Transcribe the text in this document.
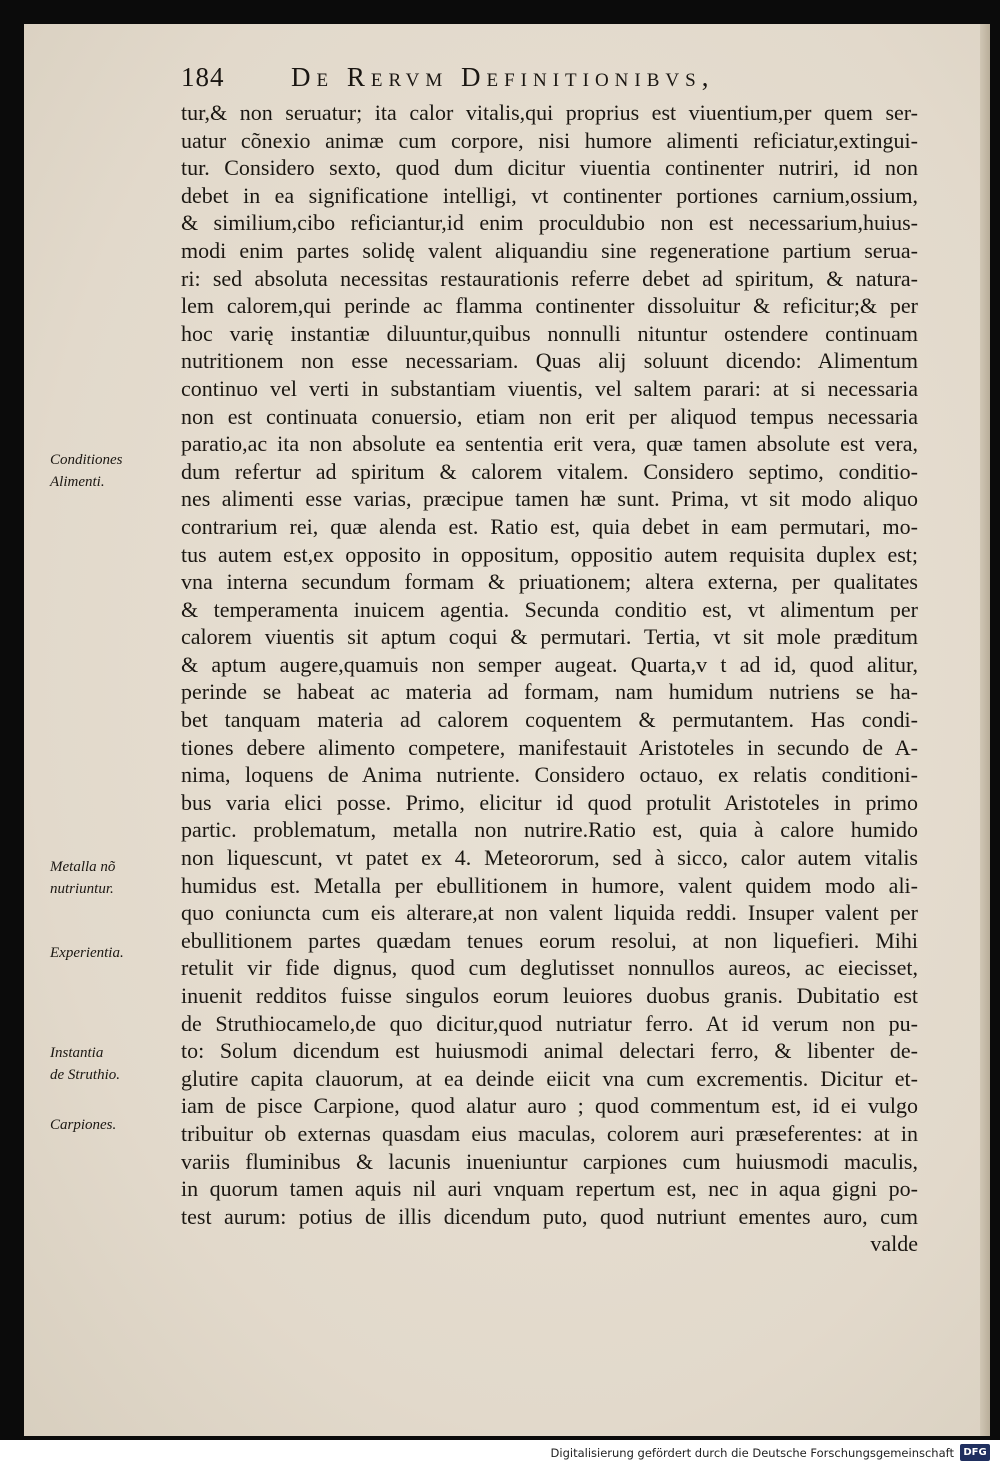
184 De Rervm Definitionibvs,
tur,& non seruatur; ita calor vitalis,qui proprius est viuentium,per quem ser-
uatur cõnexio animæ cum corpore, nisi humore alimenti reficiatur,extingui-
tur. Considero sexto, quod dum dicitur viuentia continenter nutriri, id non
debet in ea significatione intelligi, vt continenter portiones carnium,ossium,
& similium,cibo reficiantur,id enim proculdubio non est necessarium,huius-
modi enim partes solidę valent aliquandiu sine regeneratione partium serua-
ri: sed absoluta necessitas restaurationis referre debet ad spiritum, & natura-
lem calorem,qui perinde ac flamma continenter dissoluitur & reficitur;& per
hoc varię instantiæ diluuntur,quibus nonnulli nituntur ostendere continuam
nutritionem non esse necessariam. Quas alij soluunt dicendo: Alimentum
continuo vel verti in substantiam viuentis, vel saltem parari: at si necessaria
non est continuata conuersio, etiam non erit per aliquod tempus necessaria
paratio,ac ita non absolute ea sententia erit vera, quæ tamen absolute est vera,
dum refertur ad spiritum & calorem vitalem. Considero septimo, conditio-
nes alimenti esse varias, præcipue tamen hæ sunt. Prima, vt sit modo aliquo
contrarium rei, quæ alenda est. Ratio est, quia debet in eam permutari, mo-
tus autem est,ex opposito in oppositum, oppositio autem requisita duplex est;
vna interna secundum formam & priuationem; altera externa, per qualitates
& temperamenta inuicem agentia. Secunda conditio est, vt alimentum per
calorem viuentis sit aptum coqui & permutari. Tertia, vt sit mole præditum
& aptum augere,quamuis non semper augeat. Quarta,v t ad id, quod alitur,
perinde se habeat ac materia ad formam, nam humidum nutriens se ha-
bet tanquam materia ad calorem coquentem & permutantem. Has condi-
tiones debere alimento competere, manifestauit Aristoteles in secundo de A-
nima, loquens de Anima nutriente. Considero octauo, ex relatis conditioni-
bus varia elici posse. Primo, elicitur id quod protulit Aristoteles in primo
partic. problematum, metalla non nutrire.Ratio est, quia à calore humido
non liquescunt, vt patet ex 4. Meteororum, sed à sicco, calor autem vitalis
humidus est. Metalla per ebullitionem in humore, valent quidem modo ali-
quo coniuncta cum eis alterare,at non valent liquida reddi. Insuper valent per
ebullitionem partes quædam tenues eorum resolui, at non liquefieri. Mihi
retulit vir fide dignus, quod cum deglutisset nonnullos aureos, ac eiecisset,
inuenit redditos fuisse singulos eorum leuiores duobus granis. Dubitatio est
de Struthiocamelo,de quo dicitur,quod nutriatur ferro. At id verum non pu-
to: Solum dicendum est huiusmodi animal delectari ferro, & libenter de-
glutire capita clauorum, at ea deinde eiicit vna cum excrementis. Dicitur et-
iam de pisce Carpione, quod alatur auro ; quod commentum est, id ei vulgo
tribuitur ob externas quasdam eius maculas, colorem auri præseferentes: at in
variis fluminibus & lacunis inueniuntur carpiones cum huiusmodi maculis,
in quorum tamen aquis nil auri vnquam repertum est, nec in aqua gigni po-
test aurum: potius de illis dicendum puto, quod nutriunt ementes auro, cum
valde
Conditiones
Alimenti.
Metalla nõ
nutriuntur.
Experientia.
Instantia
de Struthio.
Carpiones.
Digitalisierung gefördert durch die Deutsche Forschungsgemeinschaft DFG
